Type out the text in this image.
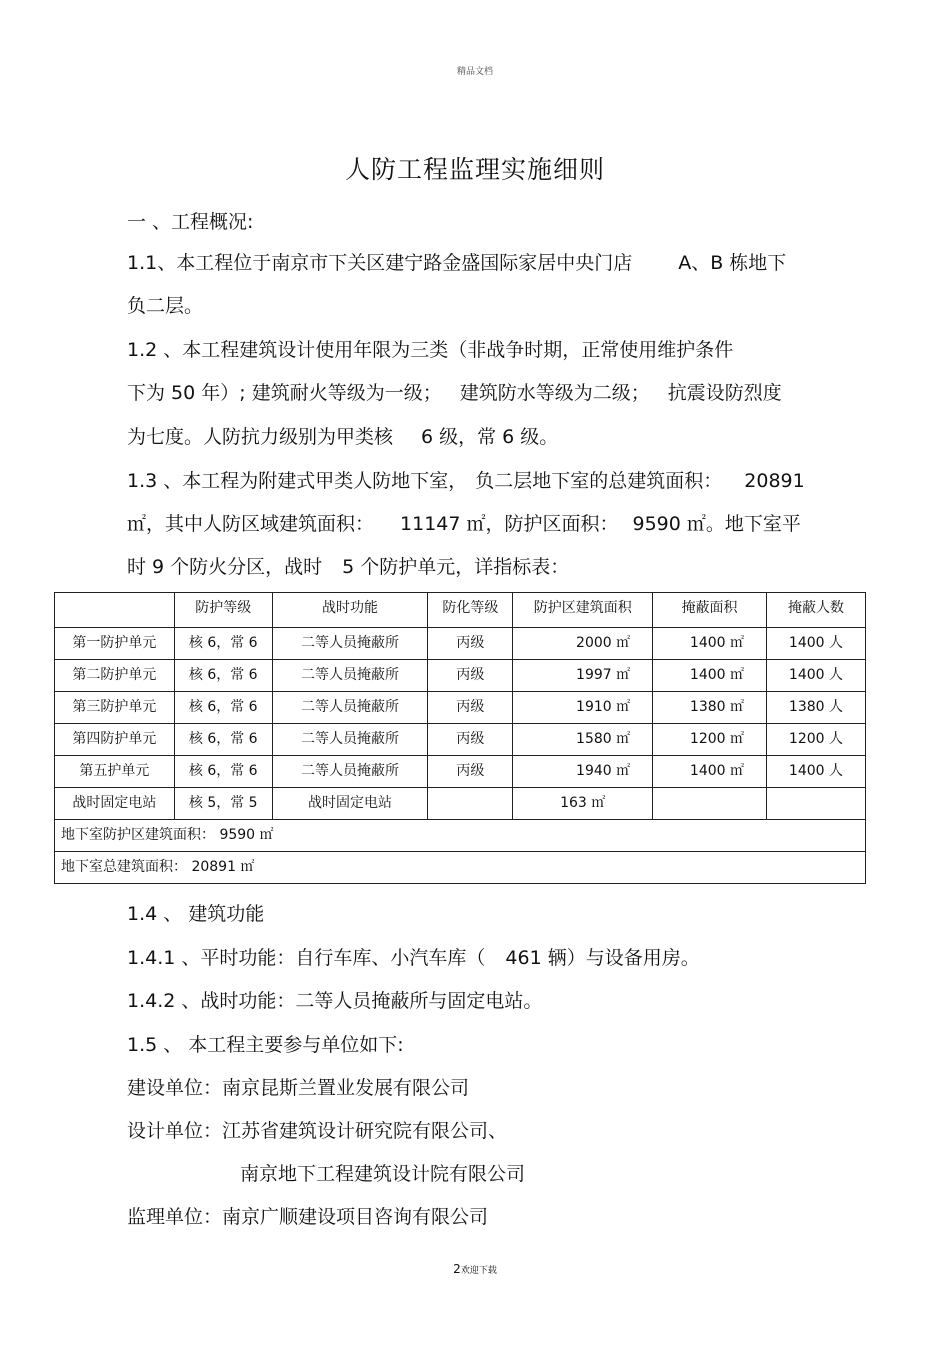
精品文档
人防工程监理实施细则
一 、工程概况:
1.1、本工程位于南京市下关区建宁路金盛国际家居中央门店 A、B 栋地下
负二层。
1.2 、本工程建筑设计使用年限为三类（非战争时期，正常使用维护条件
下为 50 年）; 建筑耐火等级为一级； 建筑防水等级为二级； 抗震设防烈度
为七度。人防抗力级别为甲类核 6 级，常 6 级。
1.3 、本工程为附建式甲类人防地下室， 负二层地下室的总建筑面积： 20891
㎡，其中人防区域建筑面积： 11147 ㎡，防护区面积： 9590 ㎡。地下室平
时 9 个防火分区，战时 5 个防护单元，详指标表：
	防护等级	战时功能	防化等级	防护区建筑面积	掩蔽面积	掩蔽人数
第一防护单元	核 6，常 6	二等人员掩蔽所	丙级	2000 ㎡	1400 ㎡	1400 人
第二防护单元	核 6，常 6	二等人员掩蔽所	丙级	1997 ㎡	1400 ㎡	1400 人
第三防护单元	核 6，常 6	二等人员掩蔽所	丙级	1910 ㎡	1380 ㎡	1380 人
第四防护单元	核 6，常 6	二等人员掩蔽所	丙级	1580 ㎡	1200 ㎡	1200 人
第五护单元	核 6，常 6	二等人员掩蔽所	丙级	1940 ㎡	1400 ㎡	1400 人
战时固定电站	核 5，常 5	战时固定电站		163 ㎡		
地下室防护区建筑面积： 9590 ㎡						
地下室总建筑面积： 20891 ㎡						
1.4 、 建筑功能
1.4.1 、平时功能：自行车库、小汽车库（ 461 辆）与设备用房。
1.4.2 、战时功能：二等人员掩蔽所与固定电站。
1.5 、 本工程主要参与单位如下:
建设单位：南京昆斯兰置业发展有限公司
设计单位：江苏省建筑设计研究院有限公司、
南京地下工程建筑设计院有限公司
监理单位：南京广顺建设项目咨询有限公司
2欢迎下载
